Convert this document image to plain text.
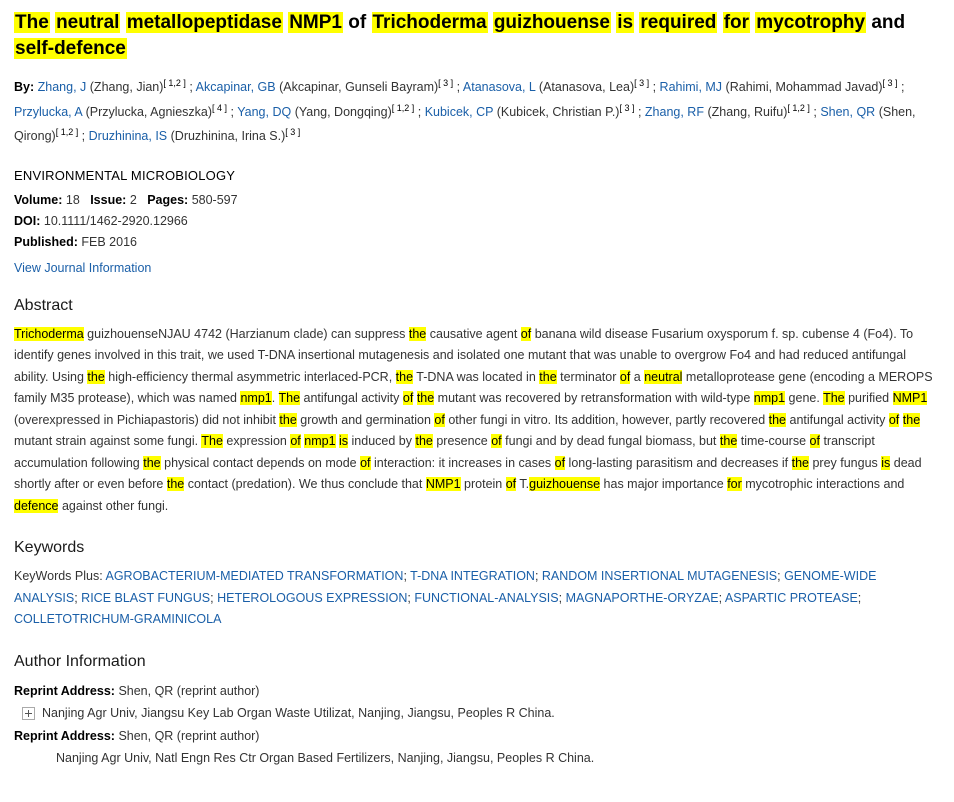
The neutral metallopeptidase NMP1 of Trichoderma guizhouense is required for mycotrophy and self-defence
By: Zhang, J (Zhang, Jian)[ 1,2 ] ; Akcapinar, GB (Akcapinar, Gunseli Bayram)[ 3 ] ; Atanasova, L (Atanasova, Lea)[ 3 ] ; Rahimi, MJ (Rahimi, Mohammad Javad)[ 3 ] ; Przylucka, A (Przylucka, Agnieszka)[ 4 ] ; Yang, DQ (Yang, Dongqing)[ 1,2 ] ; Kubicek, CP (Kubicek, Christian P.)[ 3 ] ; Zhang, RF (Zhang, Ruifu)[ 1,2 ] ; Shen, QR (Shen, Qirong)[ 1,2 ] ; Druzhinina, IS (Druzhinina, Irina S.)[ 3 ]
ENVIRONMENTAL MICROBIOLOGY
Volume: 18 Issue: 2 Pages: 580-597
DOI: 10.1111/1462-2920.12966
Published: FEB 2016
View Journal Information
Abstract
Trichoderma guizhouenseNJAU 4742 (Harzianum clade) can suppress the causative agent of banana wild disease Fusarium oxysporum f. sp. cubense 4 (Fo4). To identify genes involved in this trait, we used T-DNA insertional mutagenesis and isolated one mutant that was unable to overgrow Fo4 and had reduced antifungal ability. Using the high-efficiency thermal asymmetric interlaced-PCR, the T-DNA was located in the terminator of a neutral metalloprotease gene (encoding a MEROPS family M35 protease), which was named nmp1. The antifungal activity of the mutant was recovered by retransformation with wild-type nmp1 gene. The purified NMP1 (overexpressed in Pichiapastoris) did not inhibit the growth and germination of other fungi in vitro. Its addition, however, partly recovered the antifungal activity of the mutant strain against some fungi. The expression of nmp1 is induced by the presence of fungi and by dead fungal biomass, but the time-course of transcript accumulation following the physical contact depends on mode of interaction: it increases in cases of long-lasting parasitism and decreases if the prey fungus is dead shortly after or even before the contact (predation). We thus conclude that NMP1 protein of T.guizhouense has major importance for mycotrophic interactions and defence against other fungi.
Keywords
KeyWords Plus: AGROBACTERIUM-MEDIATED TRANSFORMATION; T-DNA INTEGRATION; RANDOM INSERTIONAL MUTAGENESIS; GENOME-WIDE ANALYSIS; RICE BLAST FUNGUS; HETEROLOGOUS EXPRESSION; FUNCTIONAL-ANALYSIS; MAGNAPORTHE-ORYZAE; ASPARTIC PROTEASE; COLLETOTRICHUM-GRAMINICOLA
Author Information
Reprint Address: Shen, QR (reprint author)
Nanjing Agr Univ, Jiangsu Key Lab Organ Waste Utilizat, Nanjing, Jiangsu, Peoples R China.
Reprint Address: Shen, QR (reprint author)
Nanjing Agr Univ, Natl Engn Res Ctr Organ Based Fertilizers, Nanjing, Jiangsu, Peoples R China.
